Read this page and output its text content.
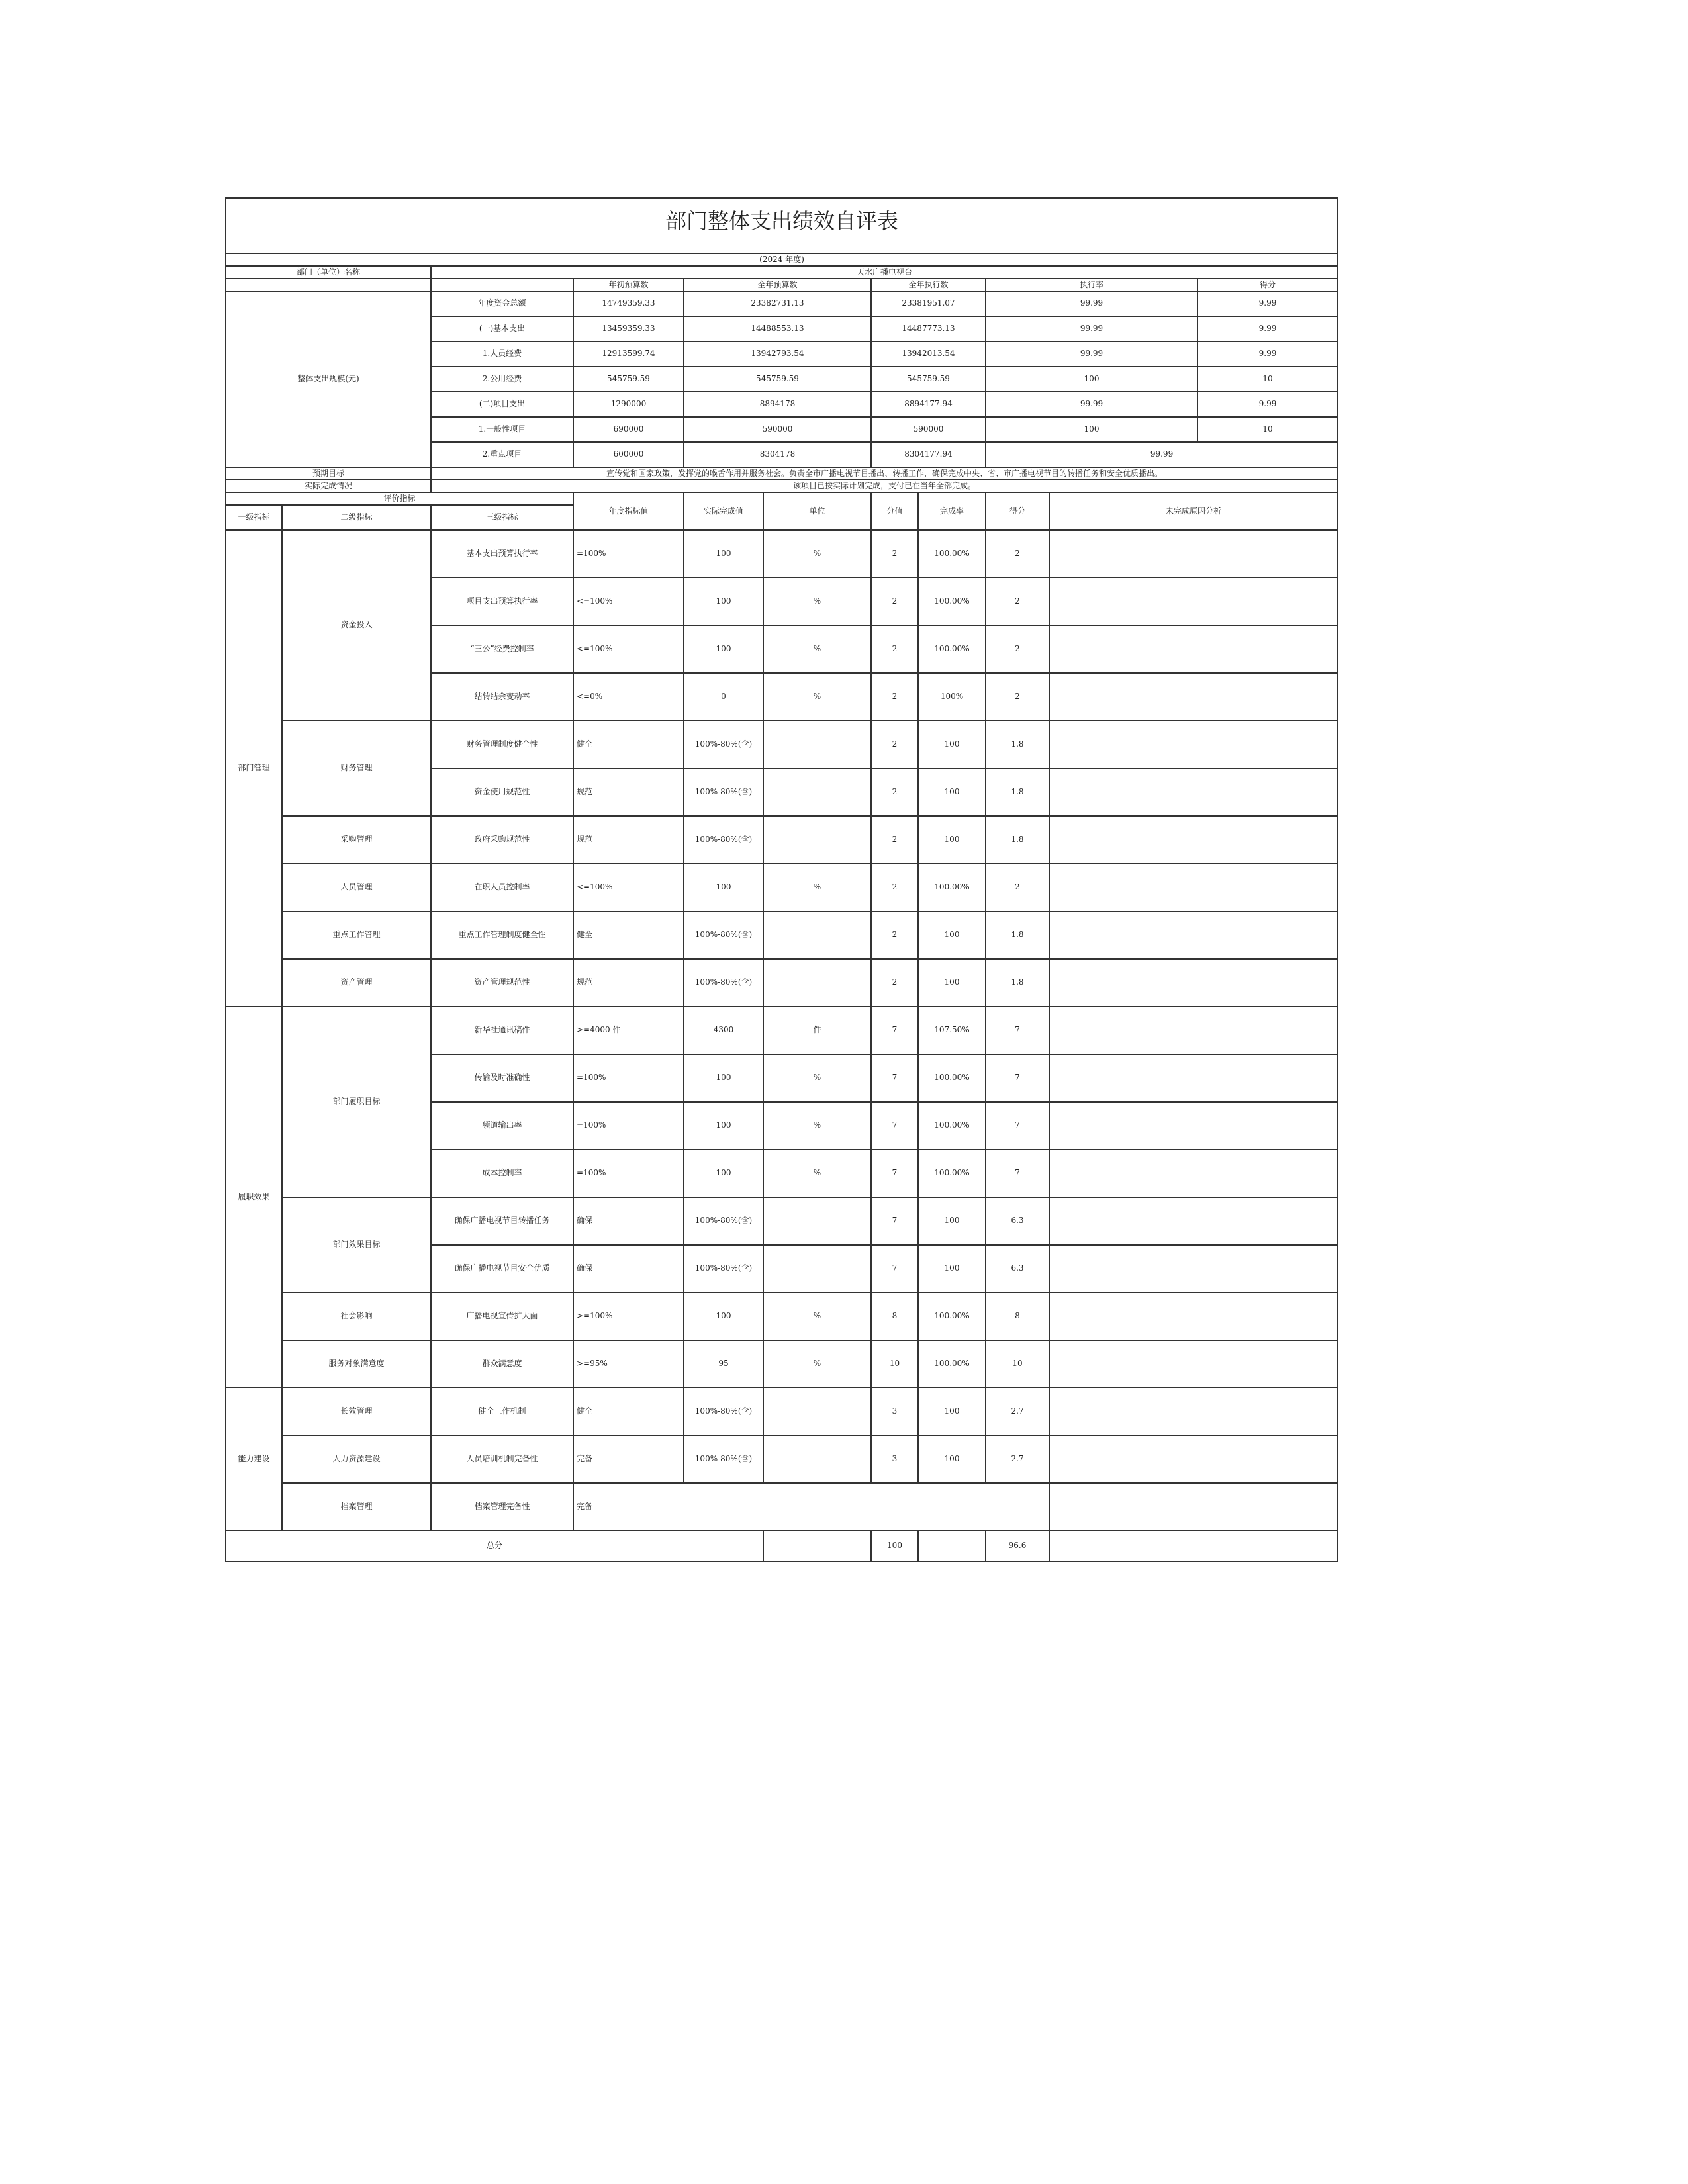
部门整体支出绩效自评表											

(2024 年度)											
部门（单位）名称		天水广播电视台									
			年初预算数	全年预算数		全年执行数		执行率		得分	
整体支出规模(元)		年度资金总额	14749359.33	23382731.13		23381951.07		99.99		9.99	
		(一)基本支出	13459359.33	14488553.13		14487773.13		99.99		9.99	
		1.人员经费	12913599.74	13942793.54		13942013.54		99.99		9.99	
		2.公用经费	545759.59	545759.59		545759.59		100		10	
		(二)项目支出	1290000	8894178		8894177.94		99.99		9.99	
		1.一般性项目	690000	590000		590000		100		10	
		2.重点项目	600000	8304178		8304177.94		99.99			
预期目标		宣传党和国家政策，发挥党的喉舌作用并服务社会。负责全市广播电视节目播出、转播工作，确保完成中央、省、市广播电视节目的转播任务和安全优质播出。									
实际完成情况		该项目已按实际计划完成，支付已在当年全部完成。									
评价指标			年度指标值	实际完成值	单位	分值	完成率	得分	未完成原因分析		
一级指标	二级指标	三级指标									
部门管理	资金投入	基本支出预算执行率	=100%	100	%	2	100.00%	2			
		项目支出预算执行率	<=100%	100	%	2	100.00%	2			
		“三公”经费控制率	<=100%	100	%	2	100.00%	2			
		结转结余变动率	<=0%	0	%	2	100%	2			
	财务管理	财务管理制度健全性	健全	100%-80%(含)		2	100	1.8			
		资金使用规范性	规范	100%-80%(含)		2	100	1.8			
	采购管理	政府采购规范性	规范	100%-80%(含)		2	100	1.8			
	人员管理	在职人员控制率	<=100%	100	%	2	100.00%	2			
	重点工作管理	重点工作管理制度健全性	健全	100%-80%(含)		2	100	1.8			
	资产管理	资产管理规范性	规范	100%-80%(含)		2	100	1.8			
履职效果	部门履职目标	新华社通讯稿件	>=4000 件	4300	件	7	107.50%	7			
		传输及时准确性	=100%	100	%	7	100.00%	7			
		频道输出率	=100%	100	%	7	100.00%	7			
		成本控制率	=100%	100	%	7	100.00%	7			
	部门效果目标	确保广播电视节目转播任务	确保	100%-80%(含)		7	100	6.3			
		确保广播电视节目安全优质	确保	100%-80%(含)		7	100	6.3			
	社会影响	广播电视宣传扩大面	>=100%	100	%	8	100.00%	8			
	服务对象满意度	群众满意度	>=95%	95	%	10	100.00%	10			
能力建设	长效管理	健全工作机制	健全	100%-80%(含)		3	100	2.7			
	人力资源建设	人员培训机制完备性	完备	100%-80%(含)		3	100	2.7			
	档案管理	档案管理完备性	完备								
总分						100		96.6			
